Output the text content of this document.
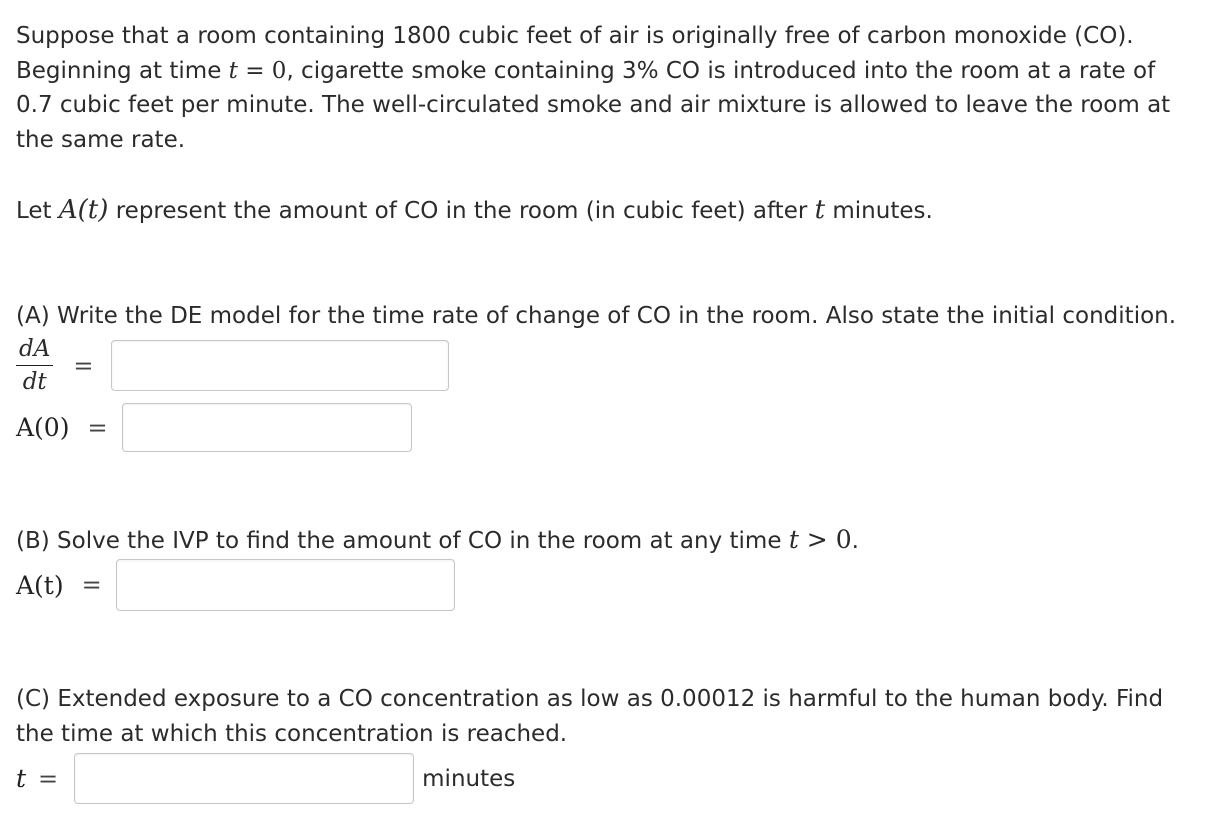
Suppose that a room containing 1800 cubic feet of air is originally free of carbon monoxide (CO).
Beginning at time t = 0, cigarette smoke containing 3% CO is introduced into the room at a rate of
0.7 cubic feet per minute. The well-circulated smoke and air mixture is allowed to leave the room at
the same rate.
Let A(t) represent the amount of CO in the room (in cubic feet) after t minutes.
(A) Write the DE model for the time rate of change of CO in the room. Also state the initial condition.
$\frac{dA}{dt}$ =
A(0) =
(B) Solve the IVP to find the amount of CO in the room at any time t > 0.
A(t) =
(C) Extended exposure to a CO concentration as low as 0.00012 is harmful to the human body. Find
the time at which this concentration is reached.
t =	minutes
